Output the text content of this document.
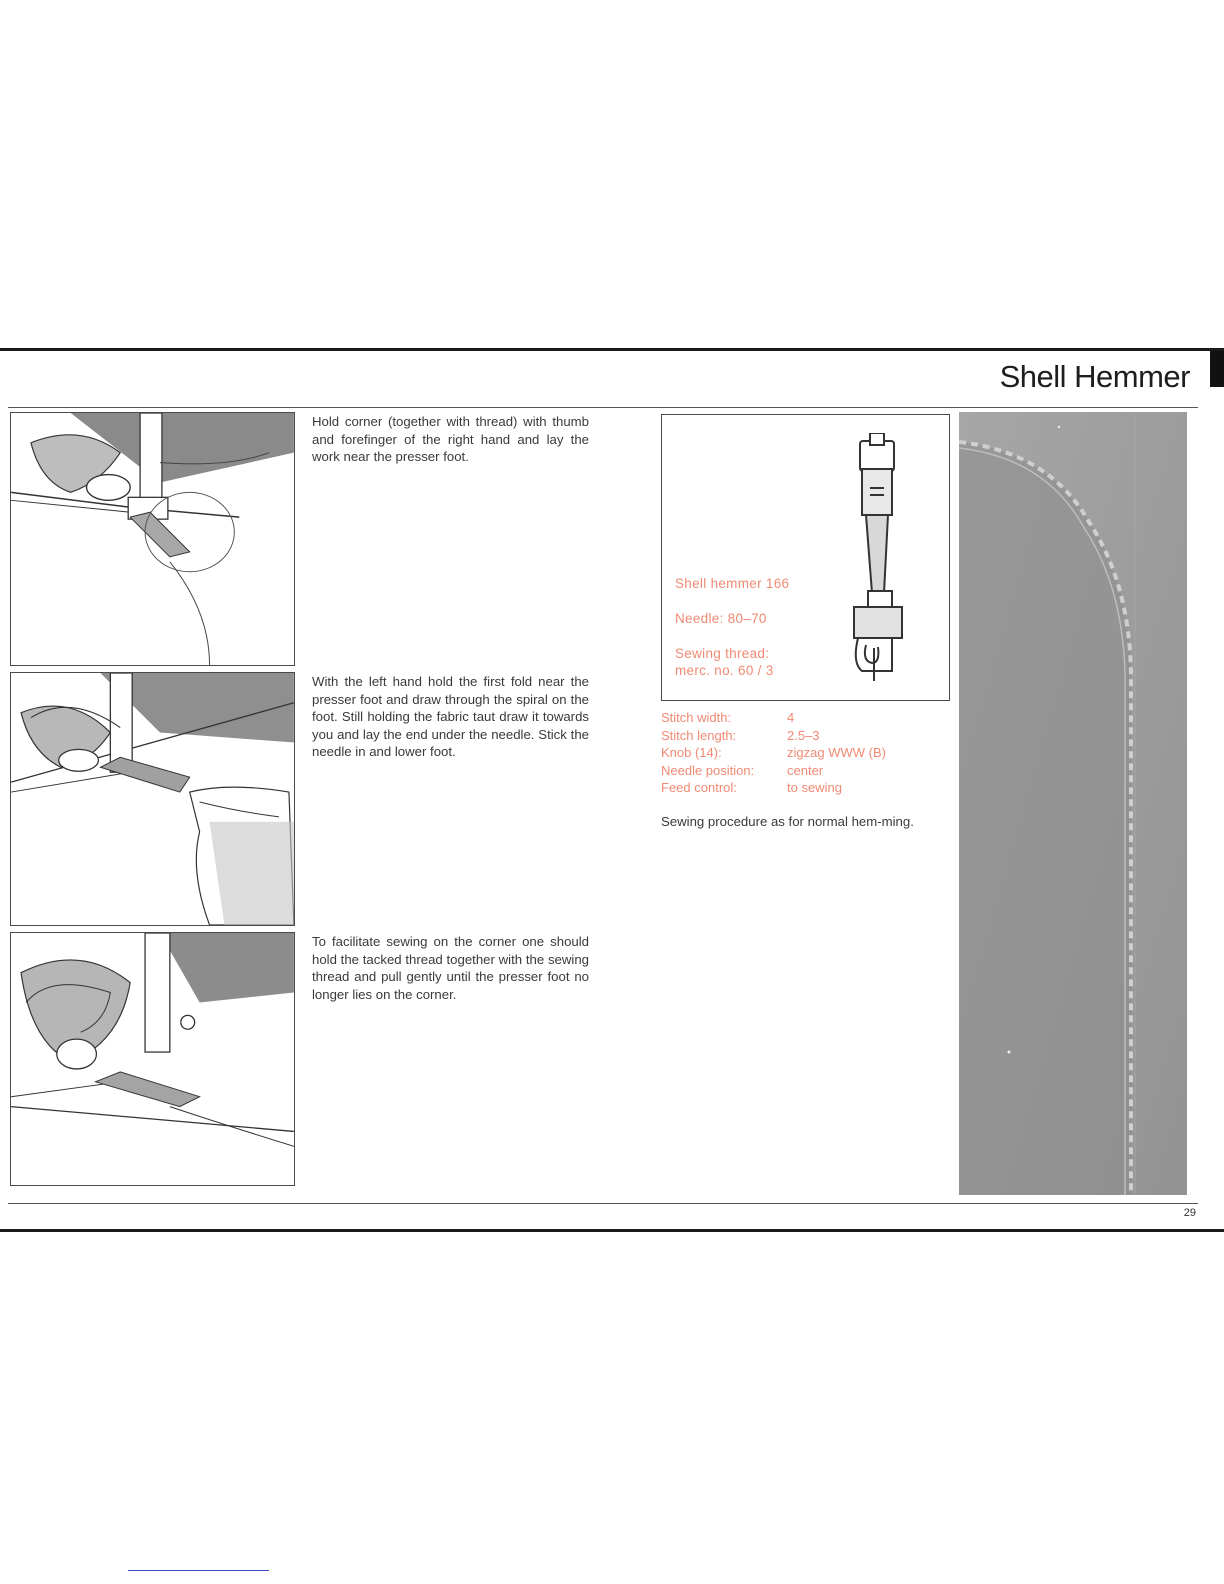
Shell Hemmer

Hold corner (together with thread) with thumb and forefinger of the right hand and lay the work near the presser foot.

With the left hand hold the first fold near the presser foot and draw through the spiral on the foot. Still holding the fabric taut draw it towards you and lay the end under the needle. Stick the needle in and lower foot.

To facilitate sewing on the corner one should hold the tacked thread together with the sewing thread and pull gently until the presser foot no longer lies on the corner.

Shell hemmer 166

Needle: 80–70

Sewing thread:

merc. no. 60 / 3

Stitch width:	4
Stitch length:	2.5–3
Knob (14):	zigzag WWW (B)
Needle position:	center
Feed control:	to sewing

Sewing procedure as for normal hem-ming.

29
